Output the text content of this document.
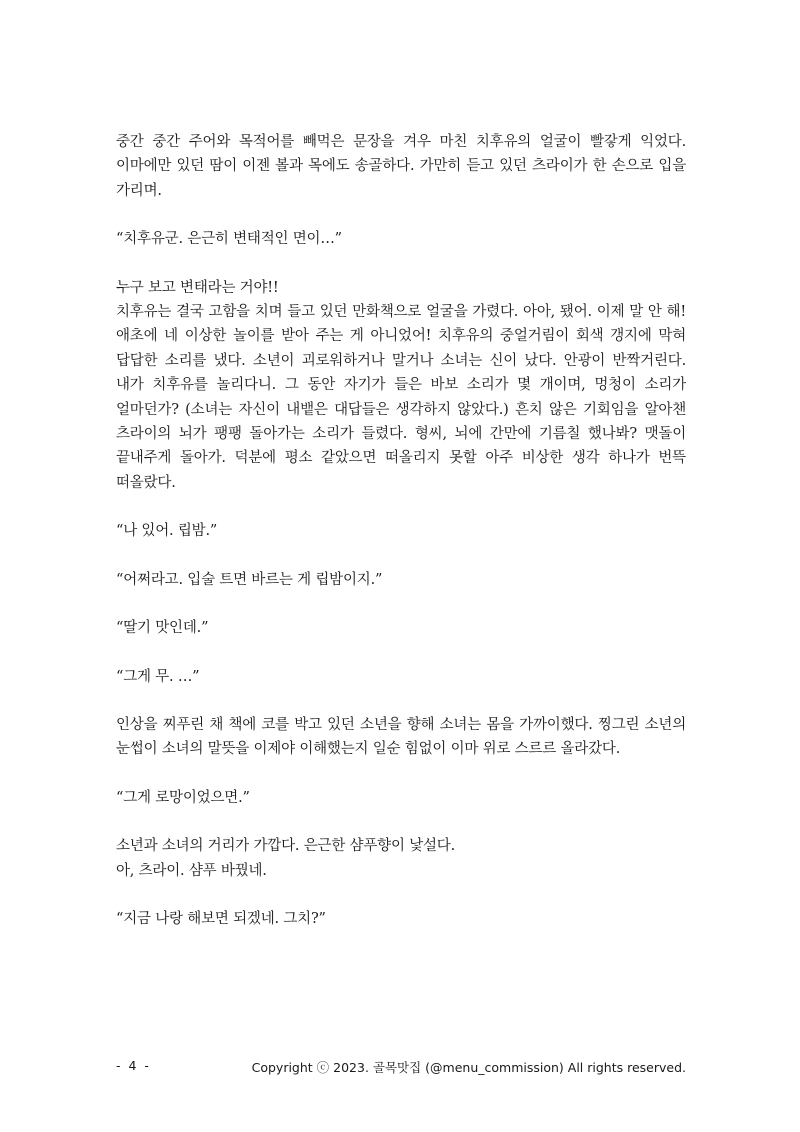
중간 중간 주어와 목적어를 빼먹은 문장을 겨우 마친 치후유의 얼굴이 빨갛게 익었다. 이마에만 있던 땀이 이젠 볼과 목에도 송골하다. 가만히 듣고 있던 츠라이가 한 손으로 입을 가리며.

“치후유군. 은근히 변태적인 면이…”

누구 보고 변태라는 거야!!

치후유는 결국 고함을 치며 들고 있던 만화책으로 얼굴을 가렸다. 아아, 됐어. 이제 말 안 해! 애초에 네 이상한 놀이를 받아 주는 게 아니었어! 치후유의 중얼거림이 회색 갱지에 막혀 답답한 소리를 냈다. 소년이 괴로워하거나 말거나 소녀는 신이 났다. 안광이 반짝거린다. 내가 치후유를 놀리다니. 그 동안 자기가 들은 바보 소리가 몇 개이며, 멍청이 소리가 얼마던가? (소녀는 자신이 내뱉은 대답들은 생각하지 않았다.) 흔치 않은 기회임을 알아챈 츠라이의 뇌가 팽팽 돌아가는 소리가 들렸다. 형씨, 뇌에 간만에 기름칠 했나봐? 맷돌이 끝내주게 돌아가. 덕분에 평소 같았으면 떠올리지 못할 아주 비상한 생각 하나가 번뜩 떠올랐다.

“나 있어. 립밤.”

“어쩌라고. 입술 트면 바르는 게 립밤이지.”

“딸기 맛인데.”

“그게 무. …”

인상을 찌푸린 채 책에 코를 박고 있던 소년을 향해 소녀는 몸을 가까이했다. 찡그린 소년의 눈썹이 소녀의 말뜻을 이제야 이해했는지 일순 힘없이 이마 위로 스르르 올라갔다.

“그게 로망이었으면.”

소년과 소녀의 거리가 가깝다. 은근한 샴푸향이 낯설다.

아, 츠라이. 샴푸 바꿨네.

“지금 나랑 해보면 되겠네. 그치?”

- 4 -	Copyright ⓒ 2023. 골목맛집 (@menu_commission) All rights reserved.
